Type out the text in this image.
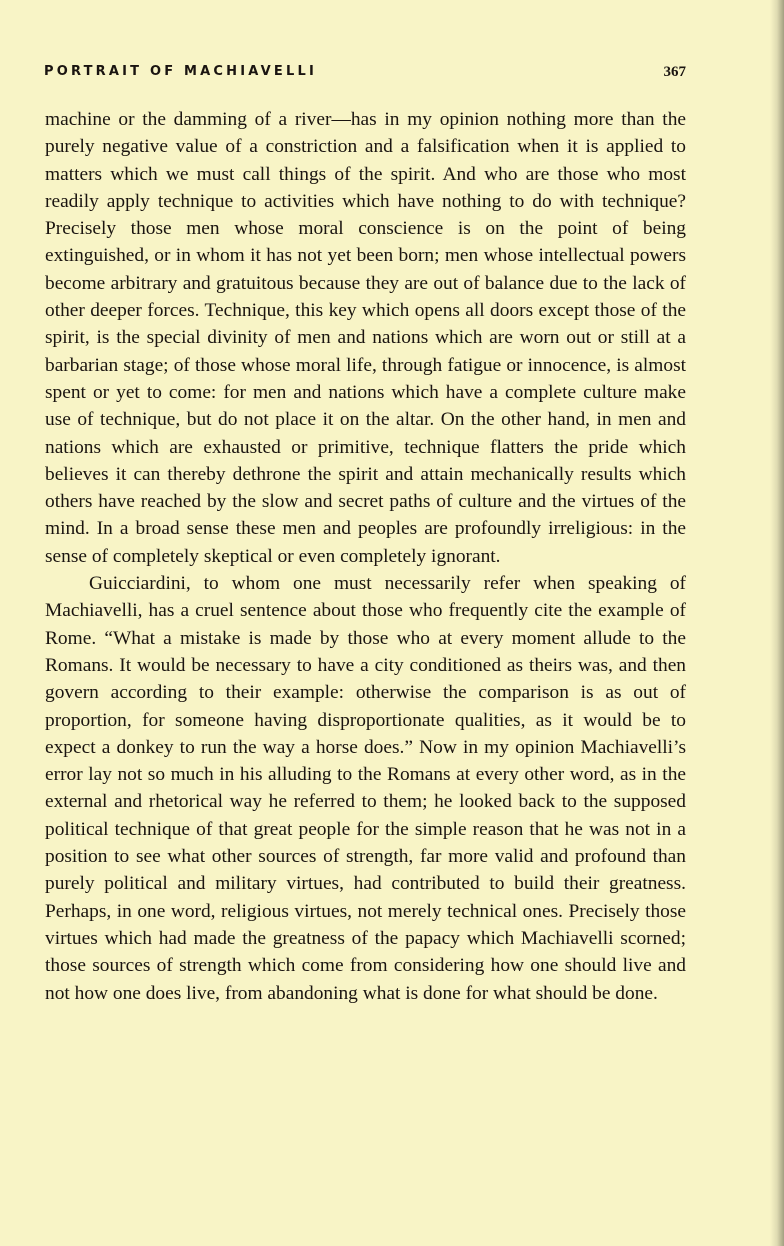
PORTRAIT OF MACHIAVELLI	367

machine or the damming of a river—has in my opinion nothing more than the purely negative value of a constriction and a falsification when it is applied to matters which we must call things of the spirit. And who are those who most readily apply technique to activities which have nothing to do with technique? Precisely those men whose moral conscience is on the point of being extinguished, or in whom it has not yet been born; men whose intellectual powers become arbitrary and gratuitous because they are out of balance due to the lack of other deeper forces. Technique, this key which opens all doors except those of the spirit, is the special divinity of men and nations which are worn out or still at a barbarian stage; of those whose moral life, through fatigue or innocence, is almost spent or yet to come: for men and nations which have a complete culture make use of technique, but do not place it on the altar. On the other hand, in men and nations which are exhausted or primitive, technique flatters the pride which believes it can thereby dethrone the spirit and attain mechanically results which others have reached by the slow and secret paths of culture and the virtues of the mind. In a broad sense these men and peoples are profoundly irreligious: in the sense of completely skeptical or even completely ignorant.

Guicciardini, to whom one must necessarily refer when speaking of Machiavelli, has a cruel sentence about those who frequently cite the example of Rome. “What a mistake is made by those who at every moment allude to the Romans. It would be necessary to have a city conditioned as theirs was, and then govern according to their example: otherwise the comparison is as out of proportion, for someone having disproportionate qualities, as it would be to expect a donkey to run the way a horse does.” Now in my opinion Machiavelli’s error lay not so much in his alluding to the Romans at every other word, as in the external and rhetorical way he referred to them; he looked back to the supposed political technique of that great people for the simple reason that he was not in a position to see what other sources of strength, far more valid and profound than purely political and military virtues, had contributed to build their greatness. Perhaps, in one word, religious virtues, not merely technical ones. Precisely those virtues which had made the greatness of the papacy which Machiavelli scorned; those sources of strength which come from considering how one should live and not how one does live, from abandoning what is done for what should be done.
